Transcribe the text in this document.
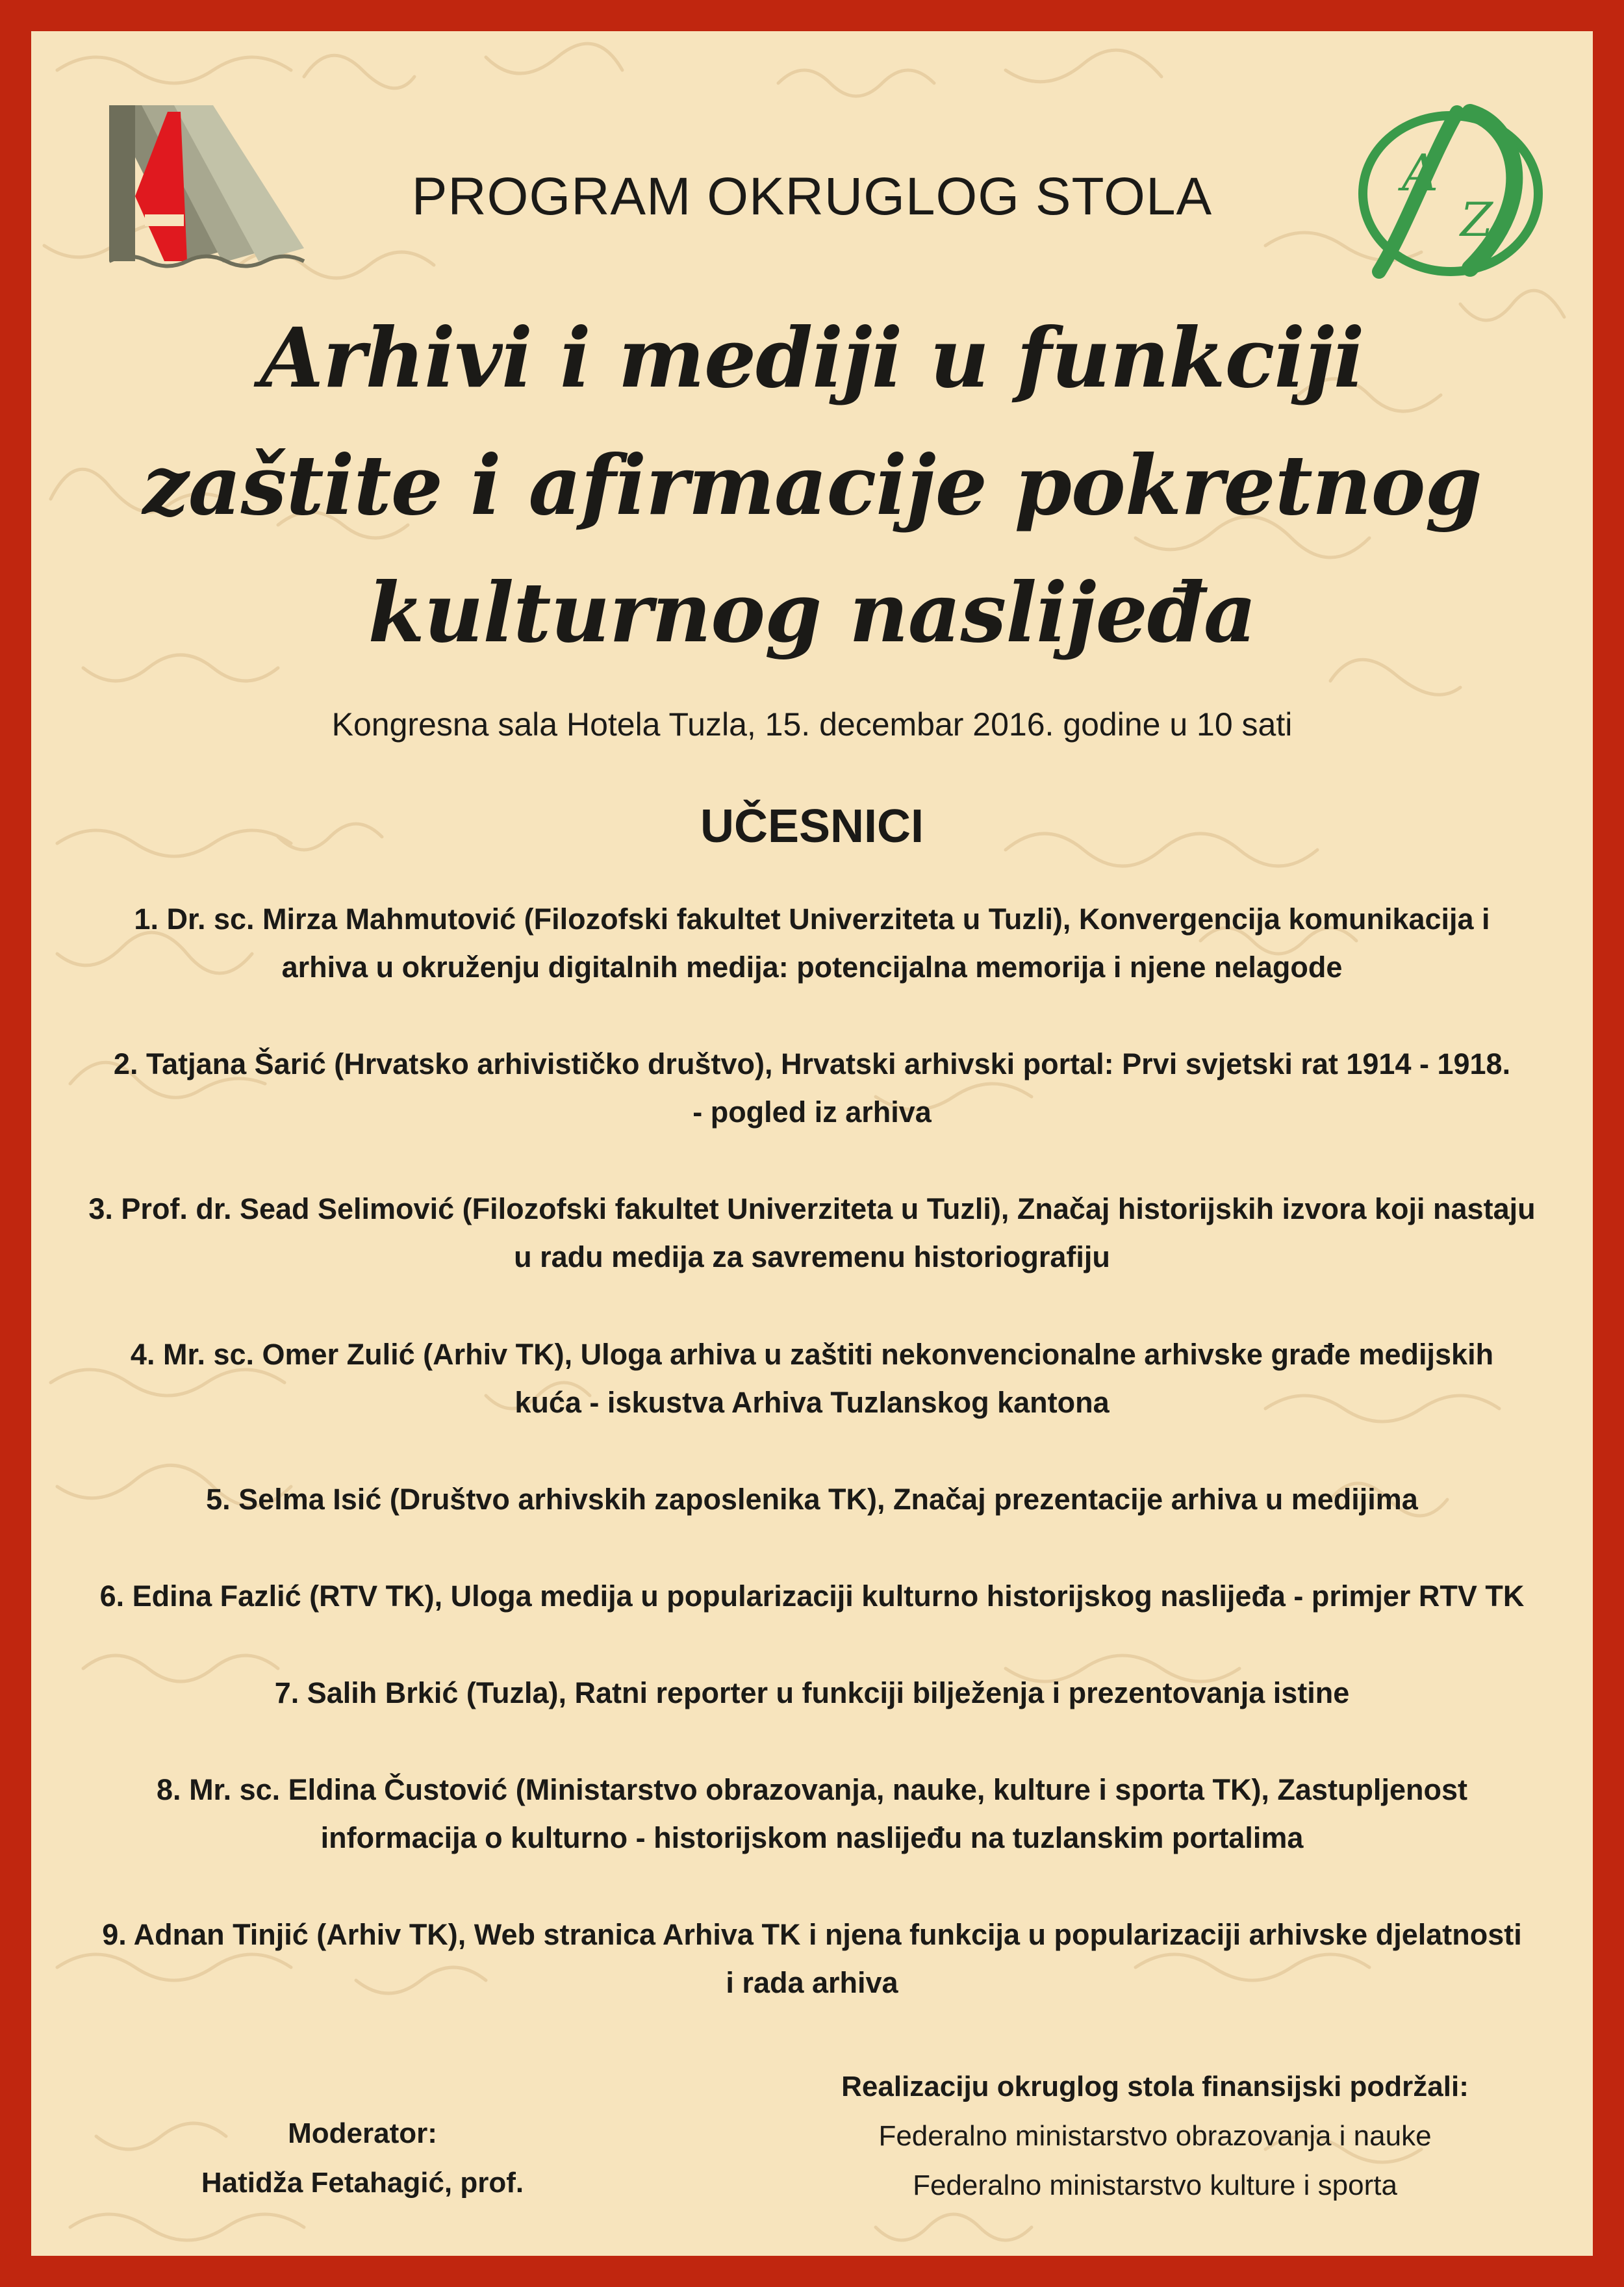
PROGRAM OKRUGLOG STOLA	A
Z
Arhivi i mediji u funkciji
zaštite i afirmacije pokretnog
kulturnog naslijeđa
Kongresna sala Hotela Tuzla, 15. decembar 2016. godine u 10 sati
UČESNICI
1. Dr. sc. Mirza Mahmutović (Filozofski fakultet Univerziteta u Tuzli), Konvergencija komunikacija i
arhiva u okruženju digitalnih medija: potencijalna memorija i njene nelagode
2. Tatjana Šarić (Hrvatsko arhivističko društvo), Hrvatski arhivski portal: Prvi svjetski rat 1914 - 1918.
- pogled iz arhiva
3. Prof. dr. Sead Selimović (Filozofski fakultet Univerziteta u Tuzli), Značaj historijskih izvora koji nastaju
u radu medija za savremenu historiografiju
4. Mr. sc. Omer Zulić (Arhiv TK), Uloga arhiva u zaštiti nekonvencionalne arhivske građe medijskih
kuća - iskustva Arhiva Tuzlanskog kantona
5. Selma Isić (Društvo arhivskih zaposlenika TK), Značaj prezentacije arhiva u medijima
6. Edina Fazlić (RTV TK), Uloga medija u popularizaciji kulturno historijskog naslijeđa - primjer RTV TK
7. Salih Brkić (Tuzla), Ratni reporter u funkciji bilježenja i prezentovanja istine
8. Mr. sc. Eldina Čustović (Ministarstvo obrazovanja, nauke, kulture i sporta TK), Zastupljenost
informacija o kulturno - historijskom naslijeđu na tuzlanskim portalima
9. Adnan Tinjić (Arhiv TK), Web stranica Arhiva TK i njena funkcija u popularizaciji arhivske djelatnosti
i rada arhiva
Moderator:
Hatidža Fetahagić, prof.
Realizaciju okruglog stola finansijski podržali:
Federalno ministarstvo obrazovanja i nauke
Federalno ministarstvo kulture i sporta
